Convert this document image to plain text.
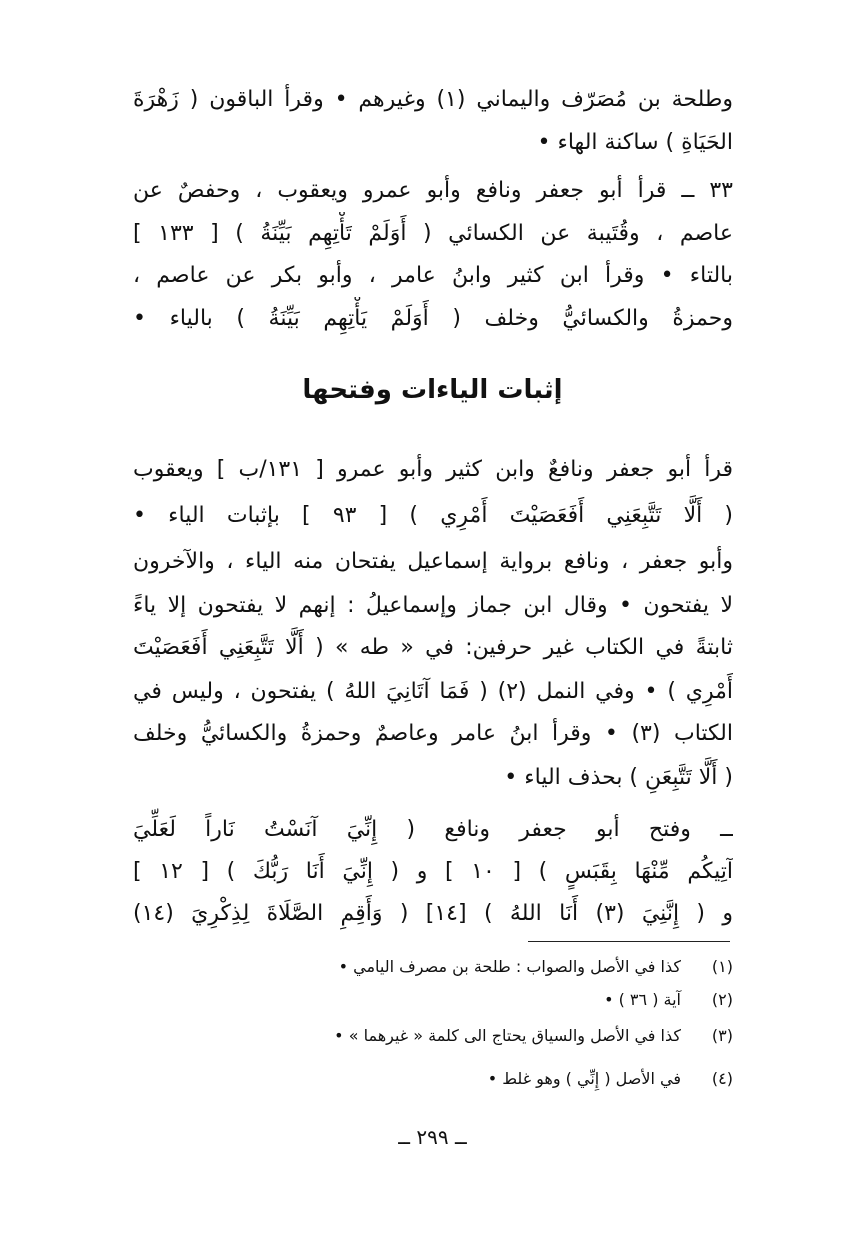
وطلحة بن مُصَرّف واليماني (١) وغيرهم • وقرأ الباقون ( زَهْرَةَ
الحَيَاةِ ) ساكنة الهاء •
٣٣ ــ قرأ أبو جعفر ونافع وأبو عمرو ويعقوب ، وحفصٌ عن
عاصم ، وقُتَيبة عن الكسائي ( أَوَلَمْ تَأْتِهِم بَيِّنَةُ ) [ ١٣٣ ]
بالتاء • وقرأ ابن كثير وابنُ عامر ، وأبو بكر عن عاصم ،
وحمزةُ والكسائيُّ وخلف ( أَوَلَمْ يَأْتِهِم بَيِّنَةُ ) بالياء •
إثبات الياءات وفتحها
قرأ أبو جعفر ونافعٌ وابن كثير وأبو عمرو [ ١٣١/ب ] ويعقوب
( أَلَّا تَتَّبِعَنِي أَفَعَصَيْتَ أَمْرِي ) [ ٩٣ ] بإثبات الياء •
وأبو جعفر ، ونافع برواية إسماعيل يفتحان منه الياء ، والآخرون
لا يفتحون • وقال ابن جماز وإسماعيلُ : إنهم لا يفتحون إلا ياءً
ثابتةً في الكتاب غير حرفين: في « طه » ( أَلَّا تَتَّبِعَنِي أَفَعَصَيْتَ
أَمْرِي ) • وفي النمل (٢) ( فَمَا آتَانِيَ اللهُ ) يفتحون ، وليس في
الكتاب (٣) • وقرأ ابنُ عامر وعاصمٌ وحمزةُ والكسائيُّ وخلف
( أَلَّا تَتَّبِعَنِ ) بحذف الياء •
ــ وفتح أبو جعفر ونافع ( إِنِّيَ آنَسْتُ نَاراً لَعَلِّيَ
آتِيكُم مِّنْهَا بِقَبَسٍ ) [ ١٠ ] و ( إِنِّيَ أَنَا رَبُّكَ ) [ ١٢ ]
و ( إِنَّنِيَ (٣) أَنَا اللهُ ) [١٤] ( وَأَقِمِ الصَّلَاةَ لِذِكْرِيَ (١٤)
(١)
كذا في الأصل والصواب : طلحة بن مصرف اليامي •
(٢)
آية ( ٣٦ ) •
(٣)
كذا في الأصل والسياق يحتاج الى كلمة « غيرهما » •
(٤)
في الأصل ( إِنِّي ) وهو غلط •
ــ ٢٩٩ ــ
